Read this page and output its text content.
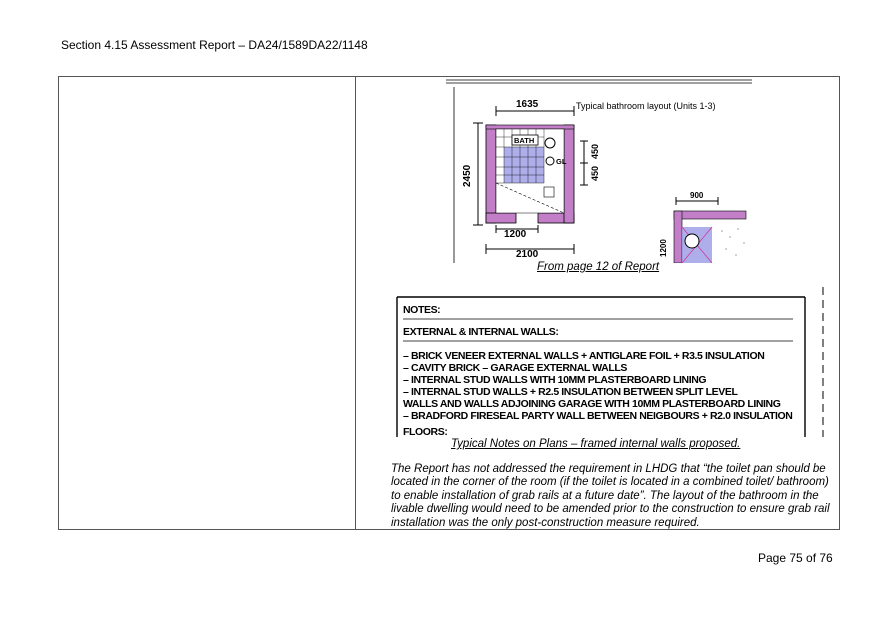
Section 4.15 Assessment Report – DA24/1589DA22/1148
1635	Typical bathroom layout (Units 1-3)
2450
BATH
GL
450
450
1200
2100
900
1200
From page 12 of Report
NOTES:
EXTERNAL & INTERNAL WALLS:
– BRICK VENEER EXTERNAL WALLS + ANTIGLARE FOIL + R3.5 INSULATION
– CAVITY BRICK – GARAGE EXTERNAL WALLS
– INTERNAL STUD WALLS WITH 10MM PLASTERBOARD LINING
– INTERNAL STUD WALLS + R2.5 INSULATION BETWEEN SPLIT LEVEL
WALLS AND WALLS ADJOINING GARAGE WITH 10MM PLASTERBOARD LINING
– BRADFORD FIRESEAL PARTY WALL BETWEEN NEIGBOURS + R2.0 INSULATION
FLOORS:
Typical Notes on Plans – framed internal walls proposed.
The Report has not addressed the requirement in LHDG that “the toilet pan should be located in the corner of the room (if the toilet is located in a combined toilet/ bathroom) to enable installation of grab rails at a future date”. The layout of the bathroom in the livable dwelling would need to be amended prior to the construction to ensure grab rail installation was the only post-construction measure required.
Page 75 of 76
